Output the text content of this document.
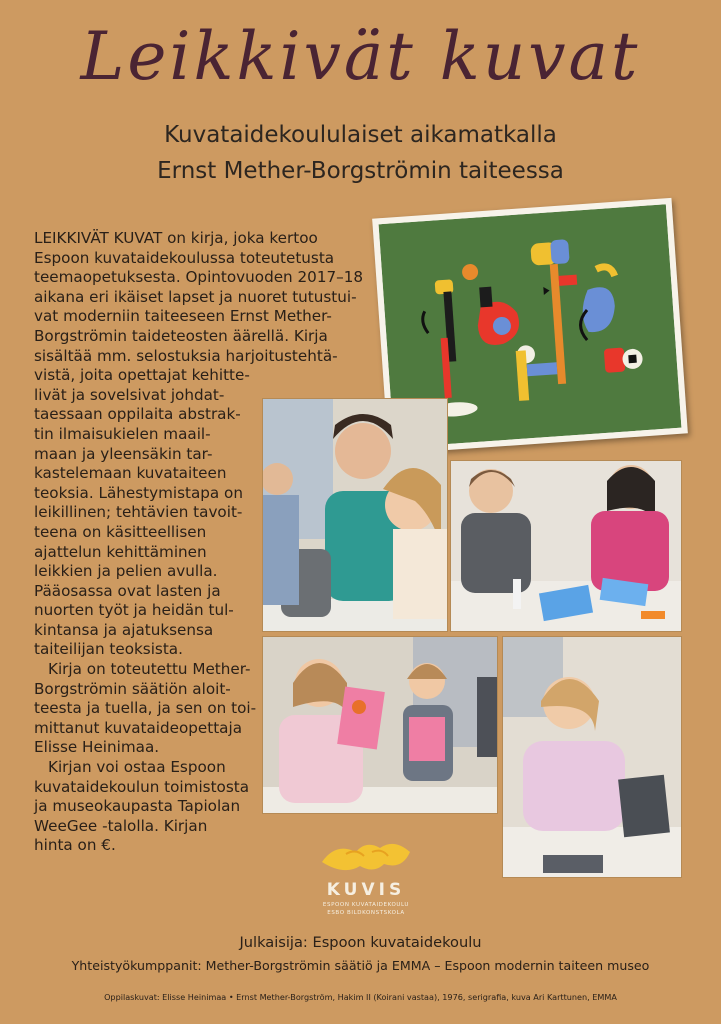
Leikkivät kuvat
Kuvataidekoululaiset aikamatkalla
Ernst Mether-Borgströmin taiteessa
LEIKKIVÄT KUVAT on kirja, joka kertoo
Espoon kuvataidekoulussa toteutetusta
teemaopetuksesta. Opintovuoden 2017–18
aikana eri ikäiset lapset ja nuoret tutustui-
vat moderniin taiteeseen Ernst Mether-
Borgströmin taideteosten äärellä. Kirja
sisältää mm. selostuksia harjoitustehtä-
vistä, joita opettajat kehitte-
livät ja sovelsivat johdat-
taessaan oppilaita abstrak-
tin ilmaisukielen maail-
maan ja yleensäkin tar-
kastelemaan kuvataiteen
teoksia. Lähestymistapa on
leikillinen; tehtävien tavoit-
teena on käsitteellisen
ajattelun kehittäminen
leikkien ja pelien avulla.
Pääosassa ovat lasten ja
nuorten työt ja heidän tul-
kintansa ja ajatuksensa
taiteilijan teoksista.
Kirja on toteutettu Mether-
Borgströmin säätiön aloit-
teesta ja tuella, ja sen on toi-
mittanut kuvataideopettaja
Elisse Heinimaa.
Kirjan voi ostaa Espoon
kuvataidekoulun toimistosta
ja museokaupasta Tapiolan
WeeGee -talolla. Kirjan
hinta on €.
KUVIS
ESPOON KUVATAIDEKOULU
ESBO BILDKONSTSKOLA
Julkaisija: Espoon kuvataidekoulu
Yhteistyökumppanit: Mether-Borgströmin säätiö ja EMMA – Espoon modernin taiteen museo
Oppilaskuvat: Elisse Heinimaa • Ernst Mether-Borgström, Hakim II (Koirani vastaa), 1976, serigrafia, kuva Ari Karttunen, EMMA
